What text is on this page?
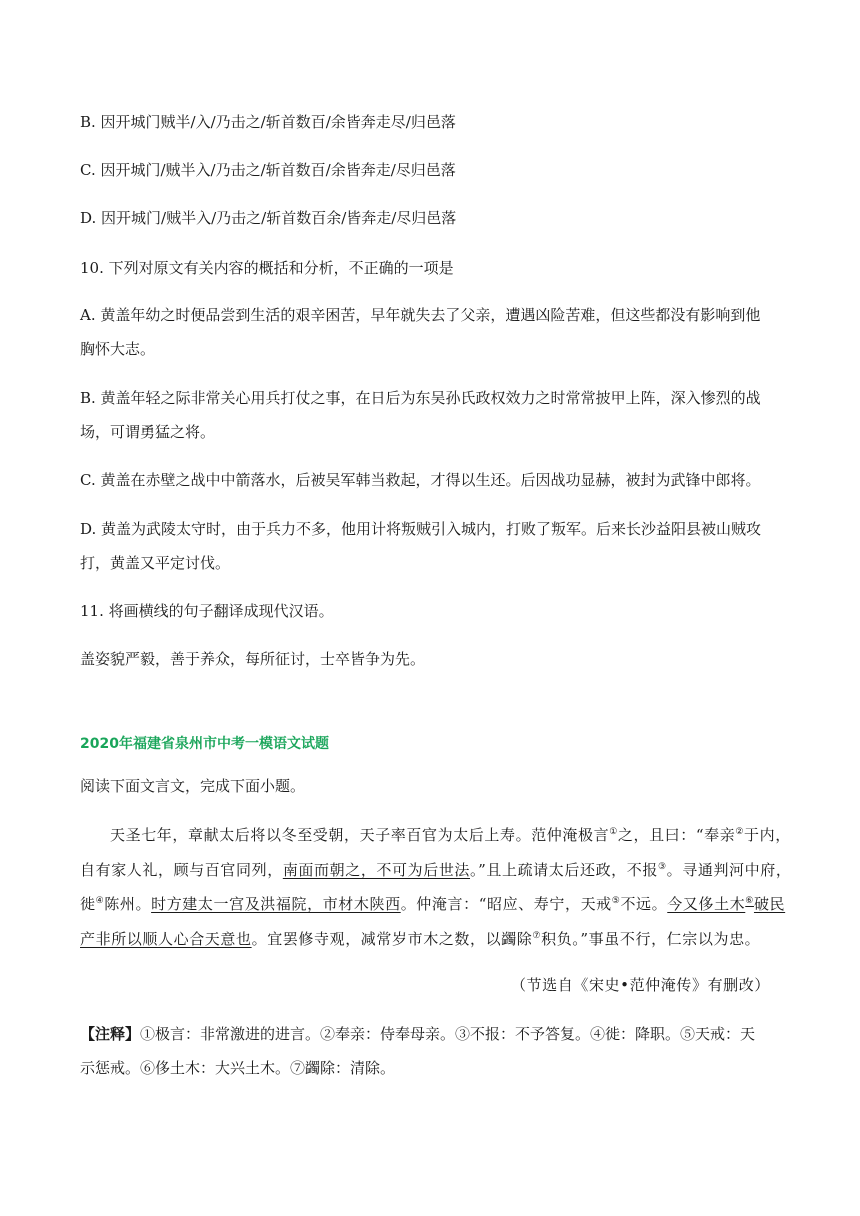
B. 因开城门贼半/入/乃击之/斩首数百/余皆奔走尽/归邑落
C. 因开城门/贼半入/乃击之/斩首数百/余皆奔走/尽归邑落
D. 因开城门/贼半入/乃击之/斩首数百余/皆奔走/尽归邑落
10. 下列对原文有关内容的概括和分析，不正确的一项是
A. 黄盖年幼之时便品尝到生活的艰辛困苦，早年就失去了父亲，遭遇凶险苦难，但这些都没有影响到他
胸怀大志。
B. 黄盖年轻之际非常关心用兵打仗之事，在日后为东吴孙氏政权效力之时常常披甲上阵，深入惨烈的战
场，可谓勇猛之将。
C. 黄盖在赤壁之战中中箭落水，后被吴军韩当救起，才得以生还。后因战功显赫，被封为武锋中郎将。
D. 黄盖为武陵太守时，由于兵力不多，他用计将叛贼引入城内，打败了叛军。后来长沙益阳县被山贼攻
打，黄盖又平定讨伐。
11. 将画横线的句子翻译成现代汉语。
盖姿貌严毅，善于养众，每所征讨，士卒皆争为先。
2020年福建省泉州市中考一模语文试题
阅读下面文言文，完成下面小题。
天圣七年，章献太后将以冬至受朝，天子率百官为太后上寿。范仲淹极言①之，且曰：“奉亲②于内，
自有家人礼，顾与百官同列，南面而朝之，不可为后世法。”且上疏请太后还政，不报③。寻通判河中府，
徙④陈州。时方建太一宫及洪福院，市材木陕西。仲淹言：“昭应、寿宁，天戒⑤不远。今又侈土木⑥破民
产非所以顺人心合天意也。宜罢修寺观，减常岁市木之数，以蠲除⑦积负。”事虽不行，仁宗以为忠。
（节选自《宋史•范仲淹传》有删改）
【注释】①极言：非常激进的进言。②奉亲：侍奉母亲。③不报：不予答复。④徙：降职。⑤天戒：天
示惩戒。⑥侈土木：大兴土木。⑦蠲除：清除。
